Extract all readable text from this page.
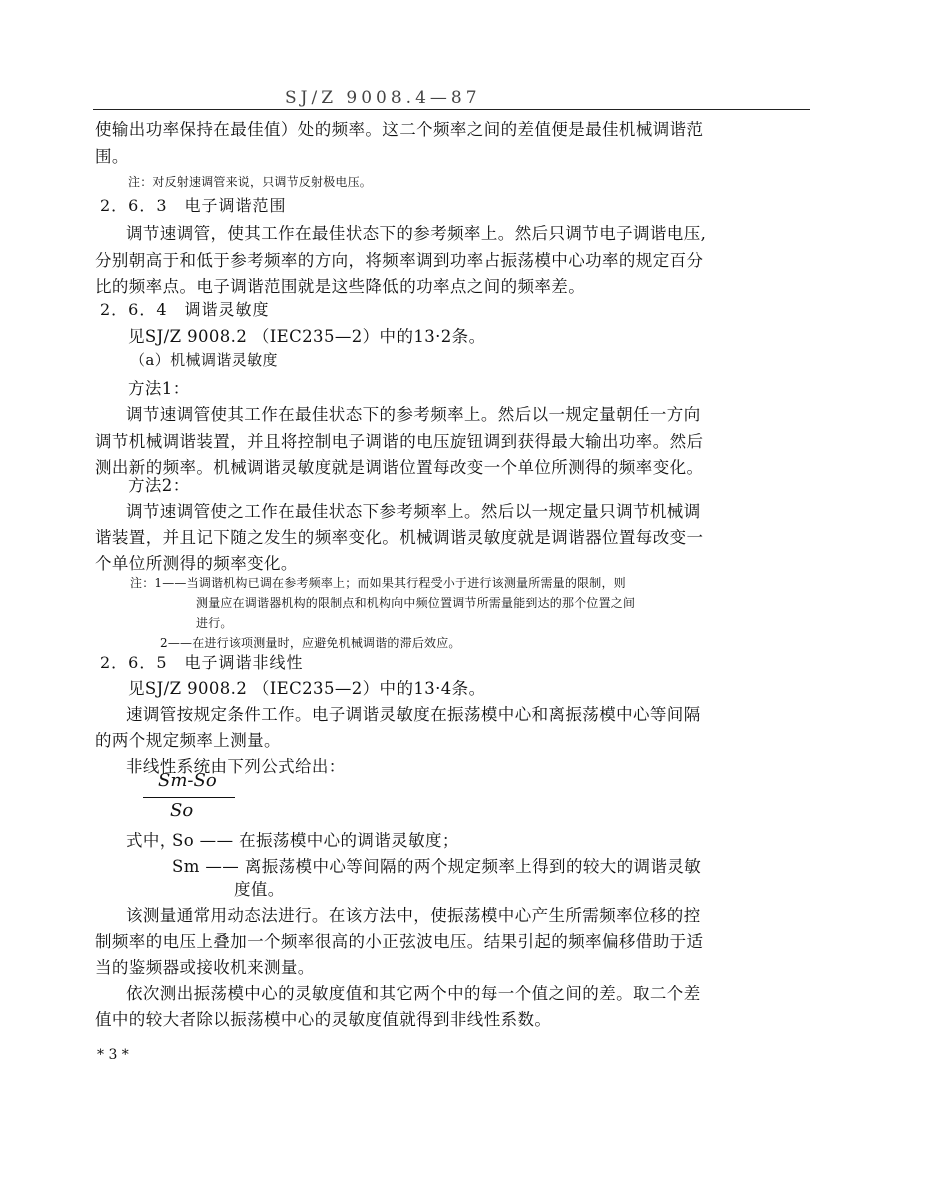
SJ/Z 9008.4—87
使输出功率保持在最佳值）处的频率。这二个频率之间的差值便是最佳机械调谐范
围。
注：对反射速调管来说，只调节反射极电压。
2．6．3　电子调谐范围
调节速调管，使其工作在最佳状态下的参考频率上。然后只调节电子调谐电压,
分别朝高于和低于参考频率的方向，将频率调到功率占振荡模中心功率的规定百分
比的频率点。电子调谐范围就是这些降低的功率点之间的频率差。
2．6．4　调谐灵敏度
见SJ/Z 9008.2 （IEC235—2）中的13·2条。
（a）机械调谐灵敏度
方法1：
调节速调管使其工作在最佳状态下的参考频率上。然后以一规定量朝任一方向
调节机械调谐装置，并且将控制电子调谐的电压旋钮调到获得最大输出功率。然后
测出新的频率。机械调谐灵敏度就是调谐位置每改变一个单位所测得的频率变化。
方法2：
调节速调管使之工作在最佳状态下参考频率上。然后以一规定量只调节机械调
谐装置，并且记下随之发生的频率变化。机械调谐灵敏度就是调谐器位置每改变一
个单位所测得的频率变化。
注：1——当调谐机构已调在参考频率上；而如果其行程受小于进行该测量所需量的限制，则
测量应在调谐器机构的限制点和机构向中频位置调节所需量能到达的那个位置之间
进行。
2——在进行该项测量时，应避免机械调谐的滞后效应。
2．6．5　电子调谐非线性
见SJ/Z 9008.2 （IEC235—2）中的13·4条。
速调管按规定条件工作。电子调谐灵敏度在振荡模中心和离振荡模中心等间隔
的两个规定频率上测量。
非线性系统由下列公式给出：
Sm-So
So
式中，
So —— 在振荡模中心的调谐灵敏度；
Sm —— 离振荡模中心等间隔的两个规定频率上得到的较大的调谐灵敏
度值。
该测量通常用动态法进行。在该方法中，使振荡模中心产生所需频率位移的控
制频率的电压上叠加一个频率很高的小正弦波电压。结果引起的频率偏移借助于适
当的鉴频器或接收机来测量。
依次测出振荡模中心的灵敏度值和其它两个中的每一个值之间的差。取二个差
值中的较大者除以振荡模中心的灵敏度值就得到非线性系数。
* 3 *
